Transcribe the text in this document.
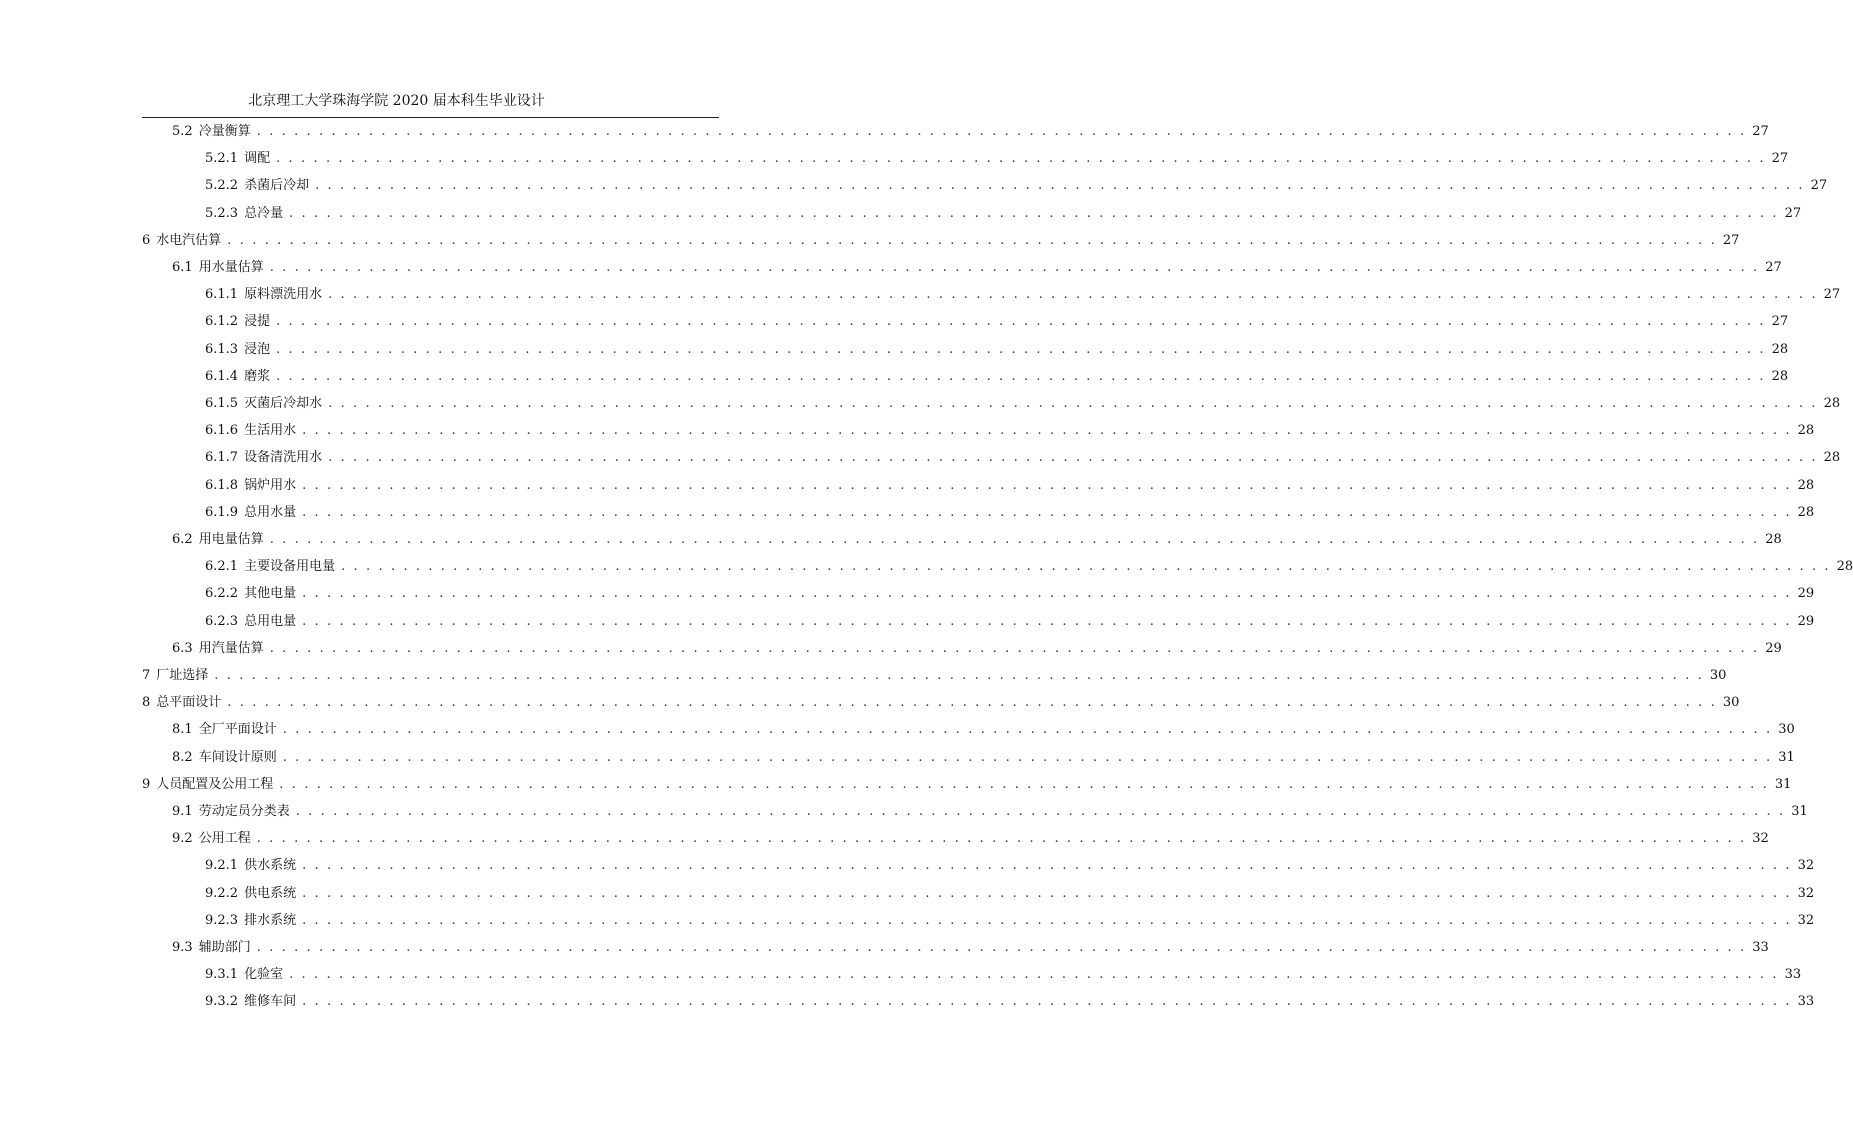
北京理工大学珠海学院 2020 届本科生毕业设计
5.2 冷量衡算 . . . . . . . . . . . . . . . . . . . . . . . . . . . . . . . . . . . . . . . . . . . . . . . . . . . . . . . . . . . . . . . . . . . . . . . . . . . . . . . . . . . . . . . . . . . . . . . . . . . . . . . . . . . . . . . . . . . . . . . . 27
5.2.1 调配 . . . . . . . . . . . . . . . . . . . . . . . . . . . . . . . . . . . . . . . . . . . . . . . . . . . . . . . . . . . . . . . . . . . . . . . . . . . . . . . . . . . . . . . . . . . . . . . . . . . . . . . . . . . . . . . . . . . . . . . . 27
5.2.2 杀菌后冷却 . . . . . . . . . . . . . . . . . . . . . . . . . . . . . . . . . . . . . . . . . . . . . . . . . . . . . . . . . . . . . . . . . . . . . . . . . . . . . . . . . . . . . . . . . . . . . . . . . . . . . . . . . . . . . . . . . . . . . . . . 27
5.2.3 总冷量 . . . . . . . . . . . . . . . . . . . . . . . . . . . . . . . . . . . . . . . . . . . . . . . . . . . . . . . . . . . . . . . . . . . . . . . . . . . . . . . . . . . . . . . . . . . . . . . . . . . . . . . . . . . . . . . . . . . . . . . . 27
6 水电汽估算 . . . . . . . . . . . . . . . . . . . . . . . . . . . . . . . . . . . . . . . . . . . . . . . . . . . . . . . . . . . . . . . . . . . . . . . . . . . . . . . . . . . . . . . . . . . . . . . . . . . . . . . . . . . . . . . . . . . . . . . . 27
6.1 用水量估算 . . . . . . . . . . . . . . . . . . . . . . . . . . . . . . . . . . . . . . . . . . . . . . . . . . . . . . . . . . . . . . . . . . . . . . . . . . . . . . . . . . . . . . . . . . . . . . . . . . . . . . . . . . . . . . . . . . . . . . . . 27
6.1.1 原料漂洗用水 . . . . . . . . . . . . . . . . . . . . . . . . . . . . . . . . . . . . . . . . . . . . . . . . . . . . . . . . . . . . . . . . . . . . . . . . . . . . . . . . . . . . . . . . . . . . . . . . . . . . . . . . . . . . . . . . . . . . . . . . 27
6.1.2 浸提 . . . . . . . . . . . . . . . . . . . . . . . . . . . . . . . . . . . . . . . . . . . . . . . . . . . . . . . . . . . . . . . . . . . . . . . . . . . . . . . . . . . . . . . . . . . . . . . . . . . . . . . . . . . . . . . . . . . . . . . . 27
6.1.3 浸泡 . . . . . . . . . . . . . . . . . . . . . . . . . . . . . . . . . . . . . . . . . . . . . . . . . . . . . . . . . . . . . . . . . . . . . . . . . . . . . . . . . . . . . . . . . . . . . . . . . . . . . . . . . . . . . . . . . . . . . . . . 28
6.1.4 磨浆 . . . . . . . . . . . . . . . . . . . . . . . . . . . . . . . . . . . . . . . . . . . . . . . . . . . . . . . . . . . . . . . . . . . . . . . . . . . . . . . . . . . . . . . . . . . . . . . . . . . . . . . . . . . . . . . . . . . . . . . . 28
6.1.5 灭菌后冷却水 . . . . . . . . . . . . . . . . . . . . . . . . . . . . . . . . . . . . . . . . . . . . . . . . . . . . . . . . . . . . . . . . . . . . . . . . . . . . . . . . . . . . . . . . . . . . . . . . . . . . . . . . . . . . . . . . . . . . . . . . 28
6.1.6 生活用水 . . . . . . . . . . . . . . . . . . . . . . . . . . . . . . . . . . . . . . . . . . . . . . . . . . . . . . . . . . . . . . . . . . . . . . . . . . . . . . . . . . . . . . . . . . . . . . . . . . . . . . . . . . . . . . . . . . . . . . . . 28
6.1.7 设备清洗用水 . . . . . . . . . . . . . . . . . . . . . . . . . . . . . . . . . . . . . . . . . . . . . . . . . . . . . . . . . . . . . . . . . . . . . . . . . . . . . . . . . . . . . . . . . . . . . . . . . . . . . . . . . . . . . . . . . . . . . . . . 28
6.1.8 锅炉用水 . . . . . . . . . . . . . . . . . . . . . . . . . . . . . . . . . . . . . . . . . . . . . . . . . . . . . . . . . . . . . . . . . . . . . . . . . . . . . . . . . . . . . . . . . . . . . . . . . . . . . . . . . . . . . . . . . . . . . . . . 28
6.1.9 总用水量 . . . . . . . . . . . . . . . . . . . . . . . . . . . . . . . . . . . . . . . . . . . . . . . . . . . . . . . . . . . . . . . . . . . . . . . . . . . . . . . . . . . . . . . . . . . . . . . . . . . . . . . . . . . . . . . . . . . . . . . . 28
6.2 用电量估算 . . . . . . . . . . . . . . . . . . . . . . . . . . . . . . . . . . . . . . . . . . . . . . . . . . . . . . . . . . . . . . . . . . . . . . . . . . . . . . . . . . . . . . . . . . . . . . . . . . . . . . . . . . . . . . . . . . . . . . . . 28
6.2.1 主要设备用电量 . . . . . . . . . . . . . . . . . . . . . . . . . . . . . . . . . . . . . . . . . . . . . . . . . . . . . . . . . . . . . . . . . . . . . . . . . . . . . . . . . . . . . . . . . . . . . . . . . . . . . . . . . . . . . . . . . . . . . . . . 28
6.2.2 其他电量 . . . . . . . . . . . . . . . . . . . . . . . . . . . . . . . . . . . . . . . . . . . . . . . . . . . . . . . . . . . . . . . . . . . . . . . . . . . . . . . . . . . . . . . . . . . . . . . . . . . . . . . . . . . . . . . . . . . . . . . . 29
6.2.3 总用电量 . . . . . . . . . . . . . . . . . . . . . . . . . . . . . . . . . . . . . . . . . . . . . . . . . . . . . . . . . . . . . . . . . . . . . . . . . . . . . . . . . . . . . . . . . . . . . . . . . . . . . . . . . . . . . . . . . . . . . . . . 29
6.3 用汽量估算 . . . . . . . . . . . . . . . . . . . . . . . . . . . . . . . . . . . . . . . . . . . . . . . . . . . . . . . . . . . . . . . . . . . . . . . . . . . . . . . . . . . . . . . . . . . . . . . . . . . . . . . . . . . . . . . . . . . . . . . . 29
7 厂址选择 . . . . . . . . . . . . . . . . . . . . . . . . . . . . . . . . . . . . . . . . . . . . . . . . . . . . . . . . . . . . . . . . . . . . . . . . . . . . . . . . . . . . . . . . . . . . . . . . . . . . . . . . . . . . . . . . . . . . . . . . 30
8 总平面设计 . . . . . . . . . . . . . . . . . . . . . . . . . . . . . . . . . . . . . . . . . . . . . . . . . . . . . . . . . . . . . . . . . . . . . . . . . . . . . . . . . . . . . . . . . . . . . . . . . . . . . . . . . . . . . . . . . . . . . . . . 30
8.1 全厂平面设计 . . . . . . . . . . . . . . . . . . . . . . . . . . . . . . . . . . . . . . . . . . . . . . . . . . . . . . . . . . . . . . . . . . . . . . . . . . . . . . . . . . . . . . . . . . . . . . . . . . . . . . . . . . . . . . . . . . . . . . . . 30
8.2 车间设计原则 . . . . . . . . . . . . . . . . . . . . . . . . . . . . . . . . . . . . . . . . . . . . . . . . . . . . . . . . . . . . . . . . . . . . . . . . . . . . . . . . . . . . . . . . . . . . . . . . . . . . . . . . . . . . . . . . . . . . . . . . 31
9 人员配置及公用工程 . . . . . . . . . . . . . . . . . . . . . . . . . . . . . . . . . . . . . . . . . . . . . . . . . . . . . . . . . . . . . . . . . . . . . . . . . . . . . . . . . . . . . . . . . . . . . . . . . . . . . . . . . . . . . . . . . . . . . . . . 31
9.1 劳动定员分类表 . . . . . . . . . . . . . . . . . . . . . . . . . . . . . . . . . . . . . . . . . . . . . . . . . . . . . . . . . . . . . . . . . . . . . . . . . . . . . . . . . . . . . . . . . . . . . . . . . . . . . . . . . . . . . . . . . . . . . . . . 31
9.2 公用工程 . . . . . . . . . . . . . . . . . . . . . . . . . . . . . . . . . . . . . . . . . . . . . . . . . . . . . . . . . . . . . . . . . . . . . . . . . . . . . . . . . . . . . . . . . . . . . . . . . . . . . . . . . . . . . . . . . . . . . . . . 32
9.2.1 供水系统 . . . . . . . . . . . . . . . . . . . . . . . . . . . . . . . . . . . . . . . . . . . . . . . . . . . . . . . . . . . . . . . . . . . . . . . . . . . . . . . . . . . . . . . . . . . . . . . . . . . . . . . . . . . . . . . . . . . . . . . . 32
9.2.2 供电系统 . . . . . . . . . . . . . . . . . . . . . . . . . . . . . . . . . . . . . . . . . . . . . . . . . . . . . . . . . . . . . . . . . . . . . . . . . . . . . . . . . . . . . . . . . . . . . . . . . . . . . . . . . . . . . . . . . . . . . . . . 32
9.2.3 排水系统 . . . . . . . . . . . . . . . . . . . . . . . . . . . . . . . . . . . . . . . . . . . . . . . . . . . . . . . . . . . . . . . . . . . . . . . . . . . . . . . . . . . . . . . . . . . . . . . . . . . . . . . . . . . . . . . . . . . . . . . . 32
9.3 辅助部门 . . . . . . . . . . . . . . . . . . . . . . . . . . . . . . . . . . . . . . . . . . . . . . . . . . . . . . . . . . . . . . . . . . . . . . . . . . . . . . . . . . . . . . . . . . . . . . . . . . . . . . . . . . . . . . . . . . . . . . . . 33
9.3.1 化验室 . . . . . . . . . . . . . . . . . . . . . . . . . . . . . . . . . . . . . . . . . . . . . . . . . . . . . . . . . . . . . . . . . . . . . . . . . . . . . . . . . . . . . . . . . . . . . . . . . . . . . . . . . . . . . . . . . . . . . . . . 33
9.3.2 维修车间 . . . . . . . . . . . . . . . . . . . . . . . . . . . . . . . . . . . . . . . . . . . . . . . . . . . . . . . . . . . . . . . . . . . . . . . . . . . . . . . . . . . . . . . . . . . . . . . . . . . . . . . . . . . . . . . . . . . . . . . . 33
